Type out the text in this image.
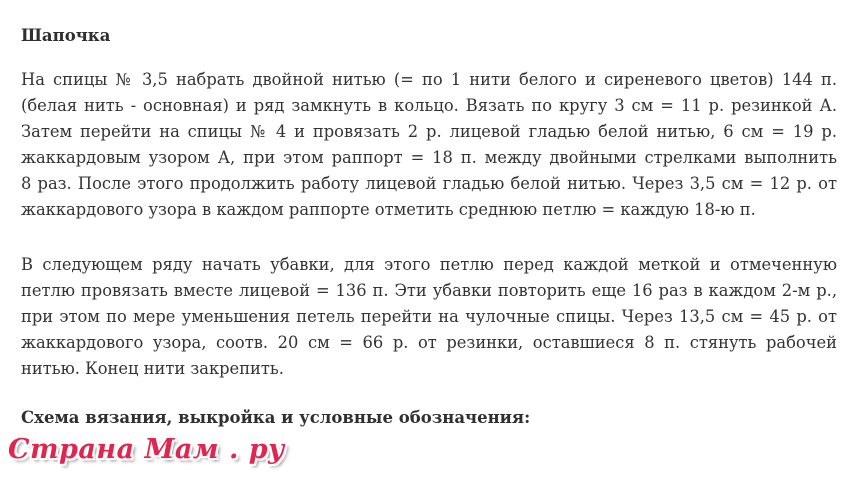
Шапочка
На спицы № 3,5 набрать двойной нитью (= по 1 нити белого и сиреневого цветов) 144 п.
(белая нить - основная) и ряд замкнуть в кольцо. Вязать по кругу 3 см = 11 р. резинкой А.
Затем перейти на спицы № 4 и провязать 2 р. лицевой гладью белой нитью, 6 см = 19 р.
жаккардовым узором А, при этом раппорт = 18 п. между двойными стрелками выполнить
8 раз. После этого продолжить работу лицевой гладью белой нитью. Через 3,5 см = 12 р. от
жаккардового узора в каждом раппорте отметить среднюю петлю = каждую 18-ю п.
В следующем ряду начать убавки, для этого петлю перед каждой меткой и отмеченную
петлю провязать вместе лицевой = 136 п. Эти убавки повторить еще 16 раз в каждом 2-м р.,
при этом по мере уменьшения петель перейти на чулочные спицы. Через 13,5 см = 45 р. от
жаккардового узора, соотв. 20 см = 66 р. от резинки, оставшиеся 8 п. стянуть рабочей
нитью. Конец нити закрепить.
Схема вязания, выкройка и условные обозначения:
Страна Мам . ру
